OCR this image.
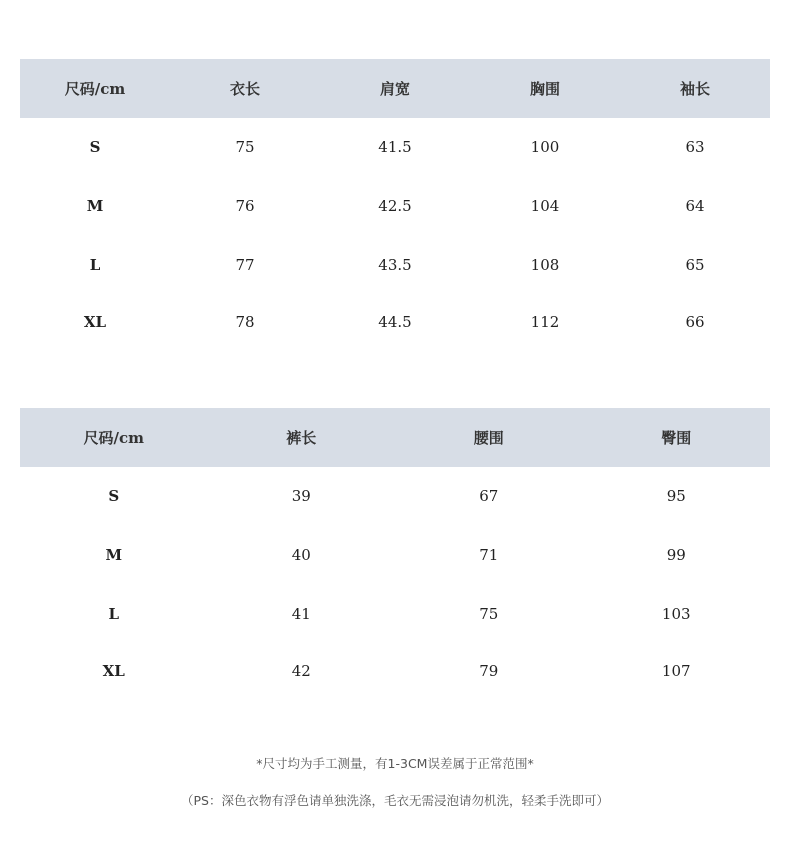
尺码/cm	衣长	肩宽	胸围	袖长
S	75	41.5	100	63
M	76	42.5	104	64
L	77	43.5	108	65
XL	78	44.5	112	66
尺码/cm	裤长	腰围	臀围
S	39	67	95
M	40	71	99
L	41	75	103
XL	42	79	107
*尺寸均为手工测量，有1-3CM误差属于正常范围*
（PS：深色衣物有浮色请单独洗涤，毛衣无需浸泡请勿机洗，轻柔手洗即可）
